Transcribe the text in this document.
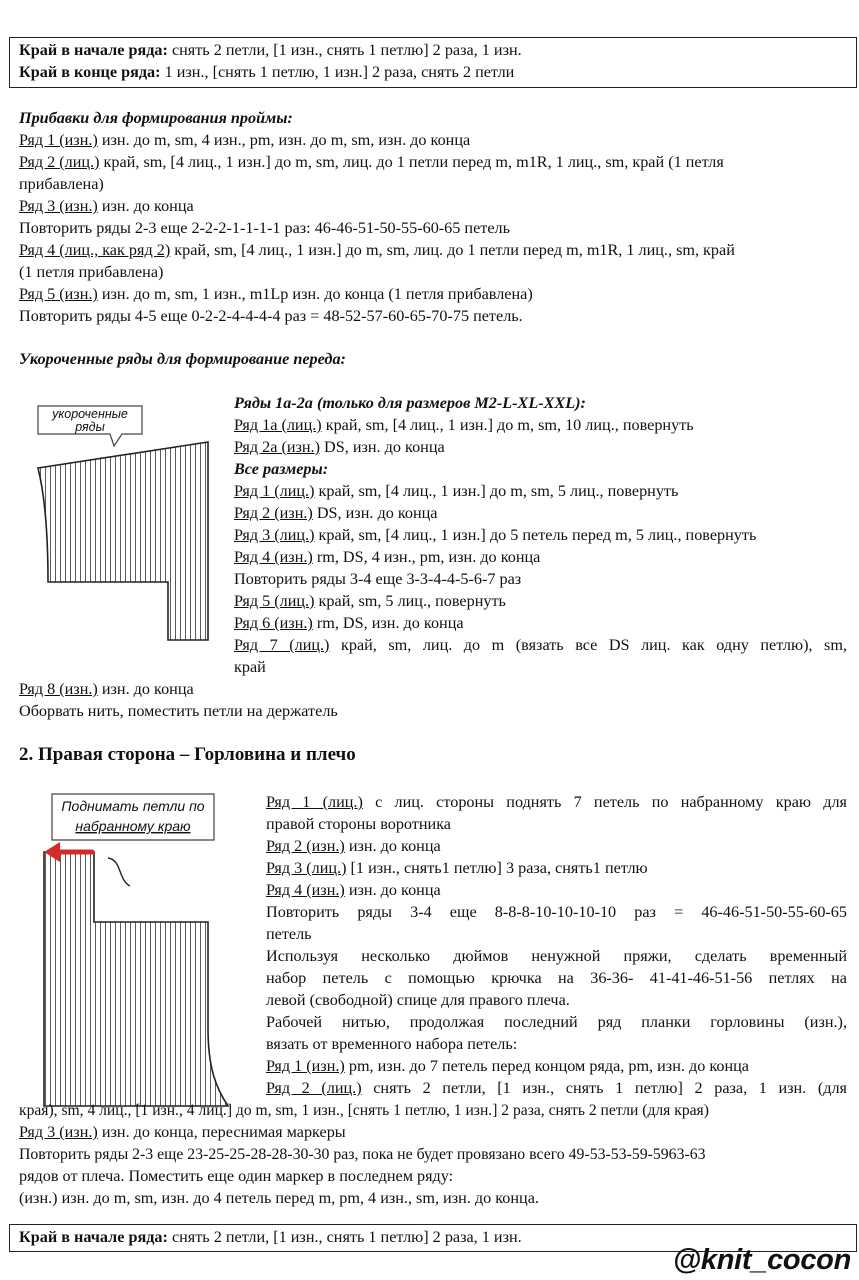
Край в начале ряда: снять 2 петли, [1 изн., снять 1 петлю] 2 раза, 1 изн.
Край в конце ряда: 1 изн., [снять 1 петлю, 1 изн.] 2 раза, снять 2 петли
Прибавки для формирования проймы:
Ряд 1 (изн.) изн. до m, sm, 4 изн., pm, изн. до m, sm, изн. до конца
Ряд 2 (лиц.) край, sm, [4 лиц., 1 изн.] до m, sm, лиц. до 1 петли перед m, m1R, 1 лиц., sm, край (1 петля
прибавлена)
Ряд 3 (изн.) изн. до конца
Повторить ряды 2-3 еще 2-2-2-1-1-1-1 раз: 46-46-51-50-55-60-65 петель
Ряд 4 (лиц., как ряд 2) край, sm, [4 лиц., 1 изн.] до m, sm, лиц. до 1 петли перед m, m1R, 1 лиц., sm, край
(1 петля прибавлена)
Ряд 5 (изн.) изн. до m, sm, 1 изн., m1Lp изн. до конца (1 петля прибавлена)
Повторить ряды 4-5 еще 0-2-2-4-4-4-4 раз = 48-52-57-60-65-70-75 петель.
Укороченные ряды для формирование переда:
укороченные
ряды
Ряды 1а-2а (только для размеров M2-L-XL-XXL):
Ряд 1а (лиц.) край, sm, [4 лиц., 1 изн.] до m, sm, 10 лиц., повернуть
Ряд 2а (изн.) DS, изн. до конца
Все размеры:
Ряд 1 (лиц.) край, sm, [4 лиц., 1 изн.] до m, sm, 5 лиц., повернуть
Ряд 2 (изн.) DS, изн. до конца
Ряд 3 (лиц.) край, sm, [4 лиц., 1 изн.] до 5 петель перед m, 5 лиц., повернуть
Ряд 4 (изн.) rm, DS, 4 изн., pm, изн. до конца
Повторить ряды 3-4 еще 3-3-4-4-5-6-7 раз
Ряд 5 (лиц.) край, sm, 5 лиц., повернуть
Ряд 6 (изн.) rm, DS, изн. до конца
Ряд 7 (лиц.) край, sm, лиц. до m (вязать все DS лиц. как одну петлю), sm,
край
Ряд 8 (изн.) изн. до конца
Оборвать нить, поместить петли на держатель
2. Правая сторона – Горловина и плечо
Поднимать петли по
набранному краю
Ряд 1 (лиц.) с лиц. стороны поднять 7 петель по набранному краю для
правой стороны воротника
Ряд 2 (изн.) изн. до конца
Ряд 3 (лиц.) [1 изн., снять1 петлю] 3 раза, снять1 петлю
Ряд 4 (изн.) изн. до конца
Повторить ряды 3-4 еще 8-8-8-10-10-10-10 раз = 46-46-51-50-55-60-65
петель
Используя несколько дюймов ненужной пряжи, сделать временный
набор петель с помощью крючка на 36-36- 41-41-46-51-56 петлях на
левой (свободной) спице для правого плеча.
Рабочей нитью, продолжая последний ряд планки горловины (изн.),
вязать от временного набора петель:
Ряд 1 (изн.) pm, изн. до 7 петель перед концом ряда, pm, изн. до конца
Ряд 2 (лиц.) снять 2 петли, [1 изн., снять 1 петлю] 2 раза, 1 изн. (для
края), sm, 4 лиц., [1 изн., 4 лиц.] до m, sm, 1 изн., [снять 1 петлю, 1 изн.] 2 раза, снять 2 петли (для края)
Ряд 3 (изн.) изн. до конца, переснимая маркеры
Повторить ряды 2-3 еще 23-25-25-28-28-30-30 раз, пока не будет провязано всего 49-53-53-59-5963-63
рядов от плеча. Поместить еще один маркер в последнем ряду:
(изн.) изн. до m, sm, изн. до 4 петель перед m, pm, 4 изн., sm, изн. до конца.
Край в начале ряда: снять 2 петли, [1 изн., снять 1 петлю] 2 раза, 1 изн.
@knit_cocon
